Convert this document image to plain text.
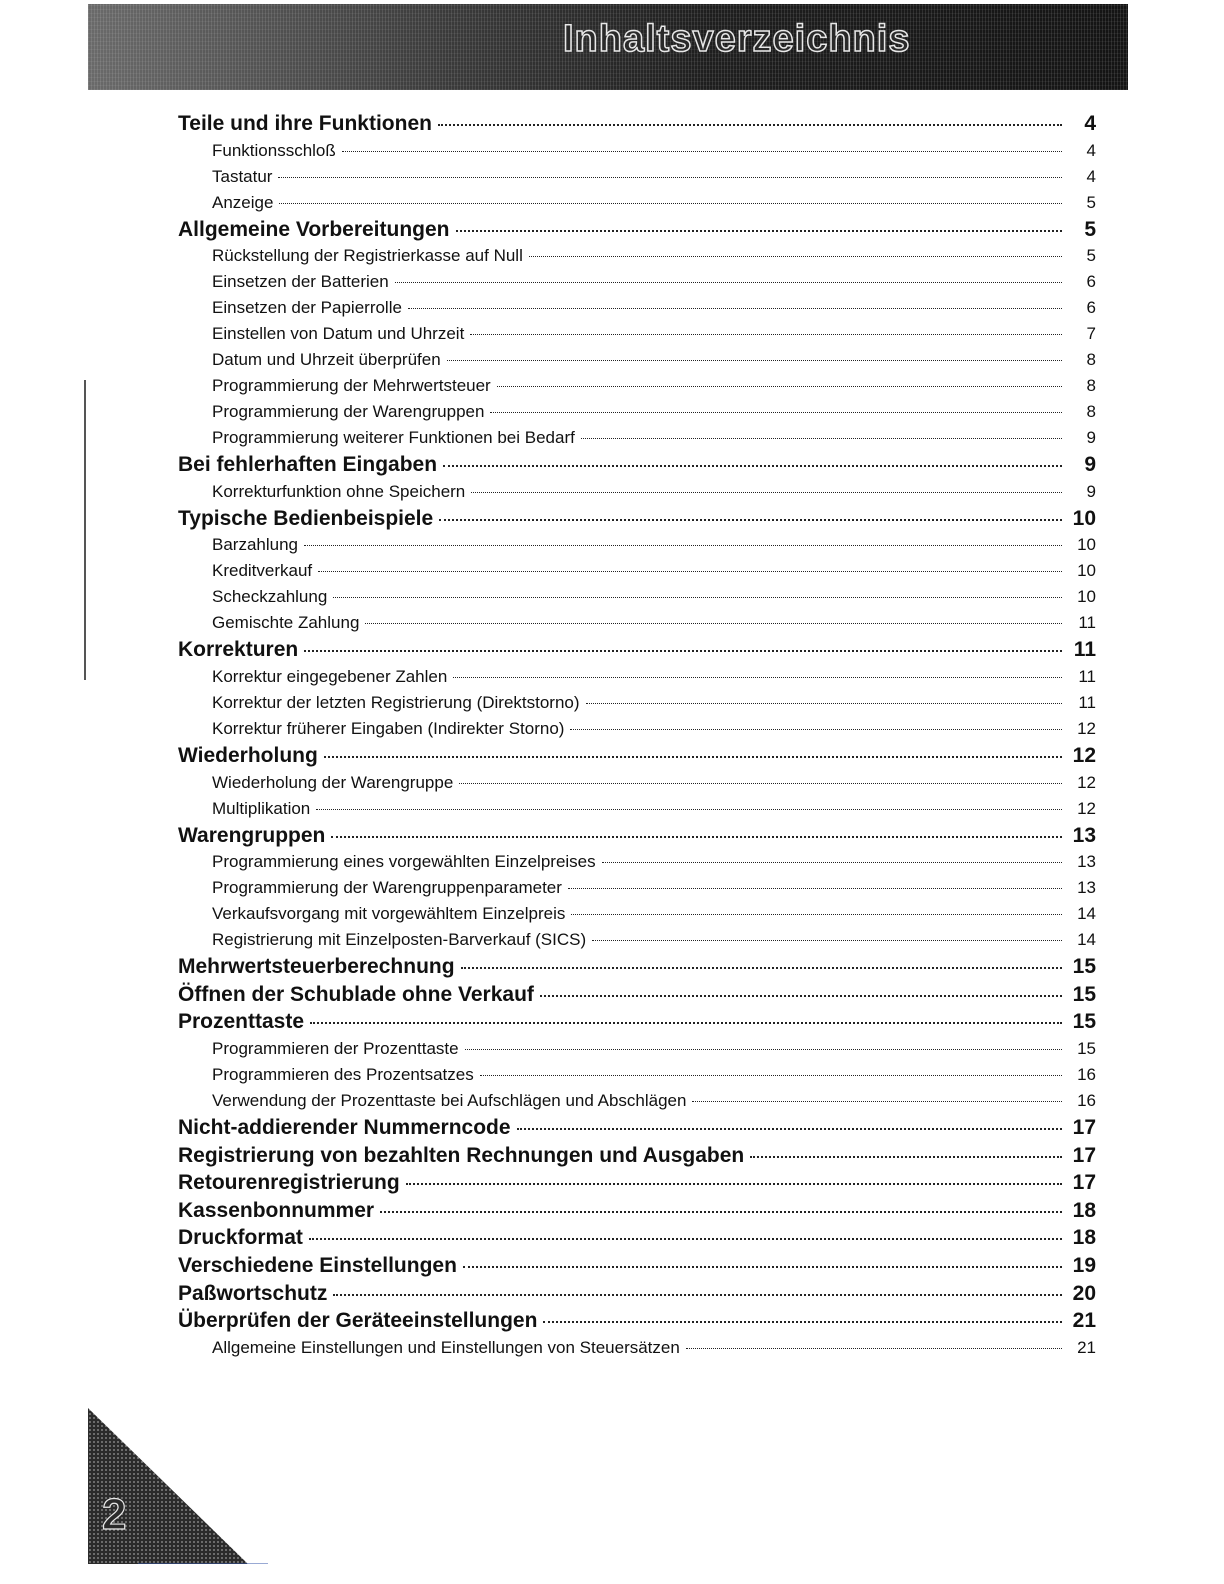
Inhaltsverzeichnis
Teile und ihre Funktionen	4
Funktionsschloß	4
Tastatur	4
Anzeige	5
Allgemeine Vorbereitungen	5
Rückstellung der Registrierkasse auf Null	5
Einsetzen der Batterien	6
Einsetzen der Papierrolle	6
Einstellen von Datum und Uhrzeit	7
Datum und Uhrzeit überprüfen	8
Programmierung der Mehrwertsteuer	8
Programmierung der Warengruppen	8
Programmierung weiterer Funktionen bei Bedarf	9
Bei fehlerhaften Eingaben	9
Korrekturfunktion ohne Speichern	9
Typische Bedienbeispiele	10
Barzahlung	10
Kreditverkauf	10
Scheckzahlung	10
Gemischte Zahlung	11
Korrekturen	11
Korrektur eingegebener Zahlen	11
Korrektur der letzten Registrierung (Direktstorno)	11
Korrektur früherer Eingaben (Indirekter Storno)	12
Wiederholung	12
Wiederholung der Warengruppe	12
Multiplikation	12
Warengruppen	13
Programmierung eines vorgewählten Einzelpreises	13
Programmierung der Warengruppenparameter	13
Verkaufsvorgang mit vorgewähltem Einzelpreis	14
Registrierung mit Einzelposten-Barverkauf (SICS)	14
Mehrwertsteuerberechnung	15
Öffnen der Schublade ohne Verkauf	15
Prozenttaste	15
Programmieren der Prozenttaste	15
Programmieren des Prozentsatzes	16
Verwendung der Prozenttaste bei Aufschlägen und Abschlägen	16
Nicht-addierender Nummerncode	17
Registrierung von bezahlten Rechnungen und Ausgaben	17
Retourenregistrierung	17
Kassenbonnummer	18
Druckformat	18
Verschiedene Einstellungen	19
Paßwortschutz	20
Überprüfen der Geräteeinstellungen	21
Allgemeine Einstellungen und Einstellungen von Steuersätzen	21
2
